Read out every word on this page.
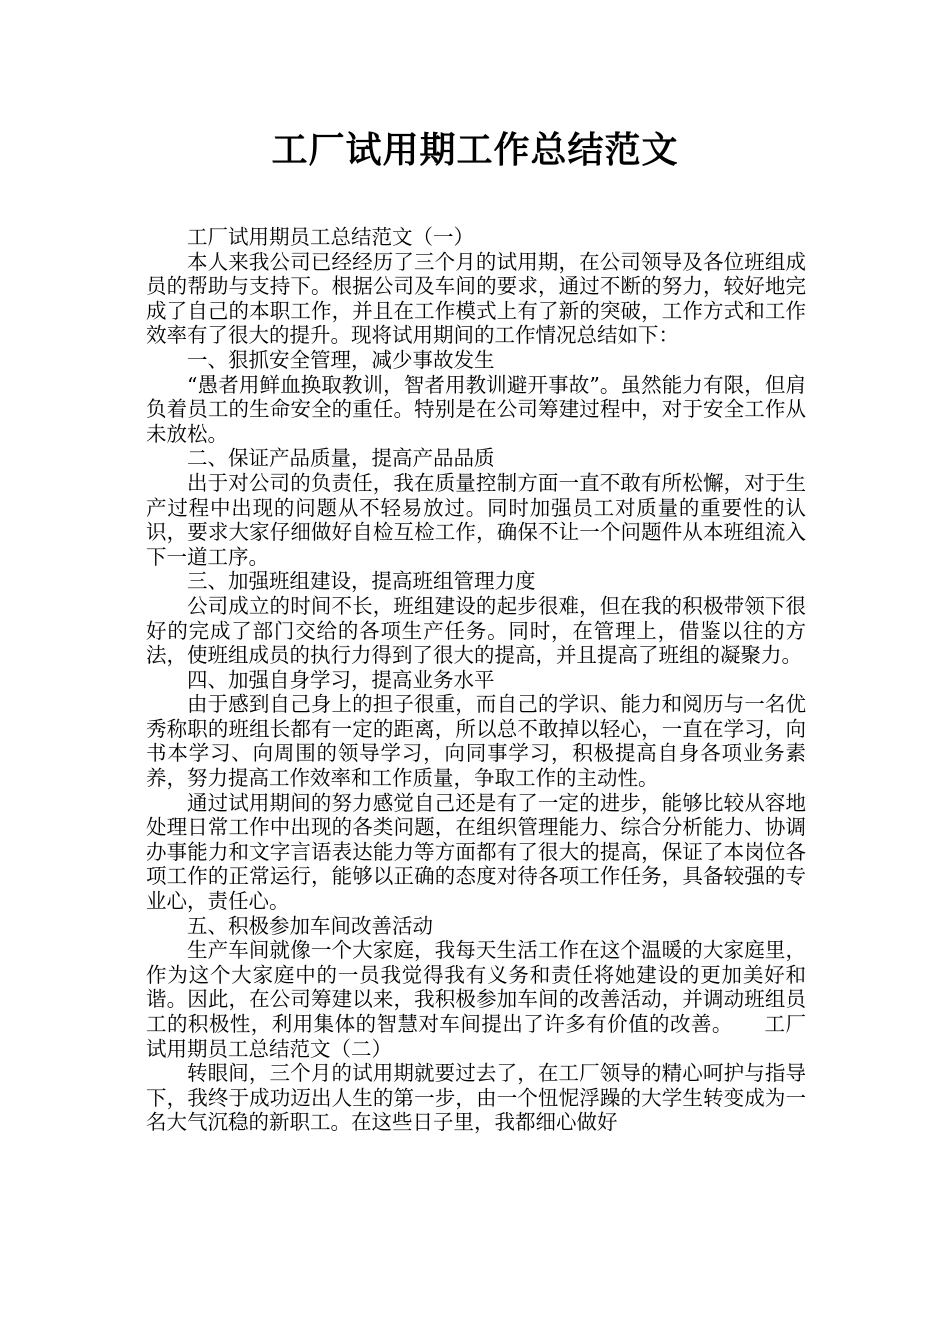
工厂试用期工作总结范文

工厂试用期员工总结范文（一）

本人来我公司已经经历了三个月的试用期，在公司领导及各位班组成员的帮助与支持下。根据公司及车间的要求，通过不断的努力，较好地完成了自己的本职工作，并且在工作模式上有了新的突破，工作方式和工作效率有了很大的提升。现将试用期间的工作情况总结如下：

一、狠抓安全管理，减少事故发生

“愚者用鲜血换取教训，智者用教训避开事故”。虽然能力有限，但肩负着员工的生命安全的重任。特别是在公司筹建过程中，对于安全工作从未放松。

二、保证产品质量，提高产品品质

出于对公司的负责任，我在质量控制方面一直不敢有所松懈，对于生产过程中出现的问题从不轻易放过。同时加强员工对质量的重要性的认识，要求大家仔细做好自检互检工作，确保不让一个问题件从本班组流入下一道工序。

三、加强班组建设，提高班组管理力度

公司成立的时间不长，班组建设的起步很难，但在我的积极带领下很好的完成了部门交给的各项生产任务。同时，在管理上，借鉴以往的方法，使班组成员的执行力得到了很大的提高，并且提高了班组的凝聚力。

四、加强自身学习，提高业务水平

由于感到自己身上的担子很重，而自己的学识、能力和阅历与一名优秀称职的班组长都有一定的距离，所以总不敢掉以轻心，一直在学习，向书本学习、向周围的领导学习，向同事学习，积极提高自身各项业务素养，努力提高工作效率和工作质量，争取工作的主动性。

通过试用期间的努力感觉自己还是有了一定的进步，能够比较从容地处理日常工作中出现的各类问题，在组织管理能力、综合分析能力、协调办事能力和文字言语表达能力等方面都有了很大的提高，保证了本岗位各项工作的正常运行，能够以正确的态度对待各项工作任务，具备较强的专业心，责任心。

五、积极参加车间改善活动

生产车间就像一个大家庭，我每天生活工作在这个温暖的大家庭里，作为这个大家庭中的一员我觉得我有义务和责任将她建设的更加美好和谐。因此，在公司筹建以来，我积极参加车间的改善活动，并调动班组员工的积极性，利用集体的智慧对车间提出了许多有价值的改善。　　工厂试用期员工总结范文（二）

转眼间，三个月的试用期就要过去了，在工厂领导的精心呵护与指导下，我终于成功迈出人生的第一步，由一个忸怩浮躁的大学生转变成为一名大气沉稳的新职工。在这些日子里，我都细心做好
